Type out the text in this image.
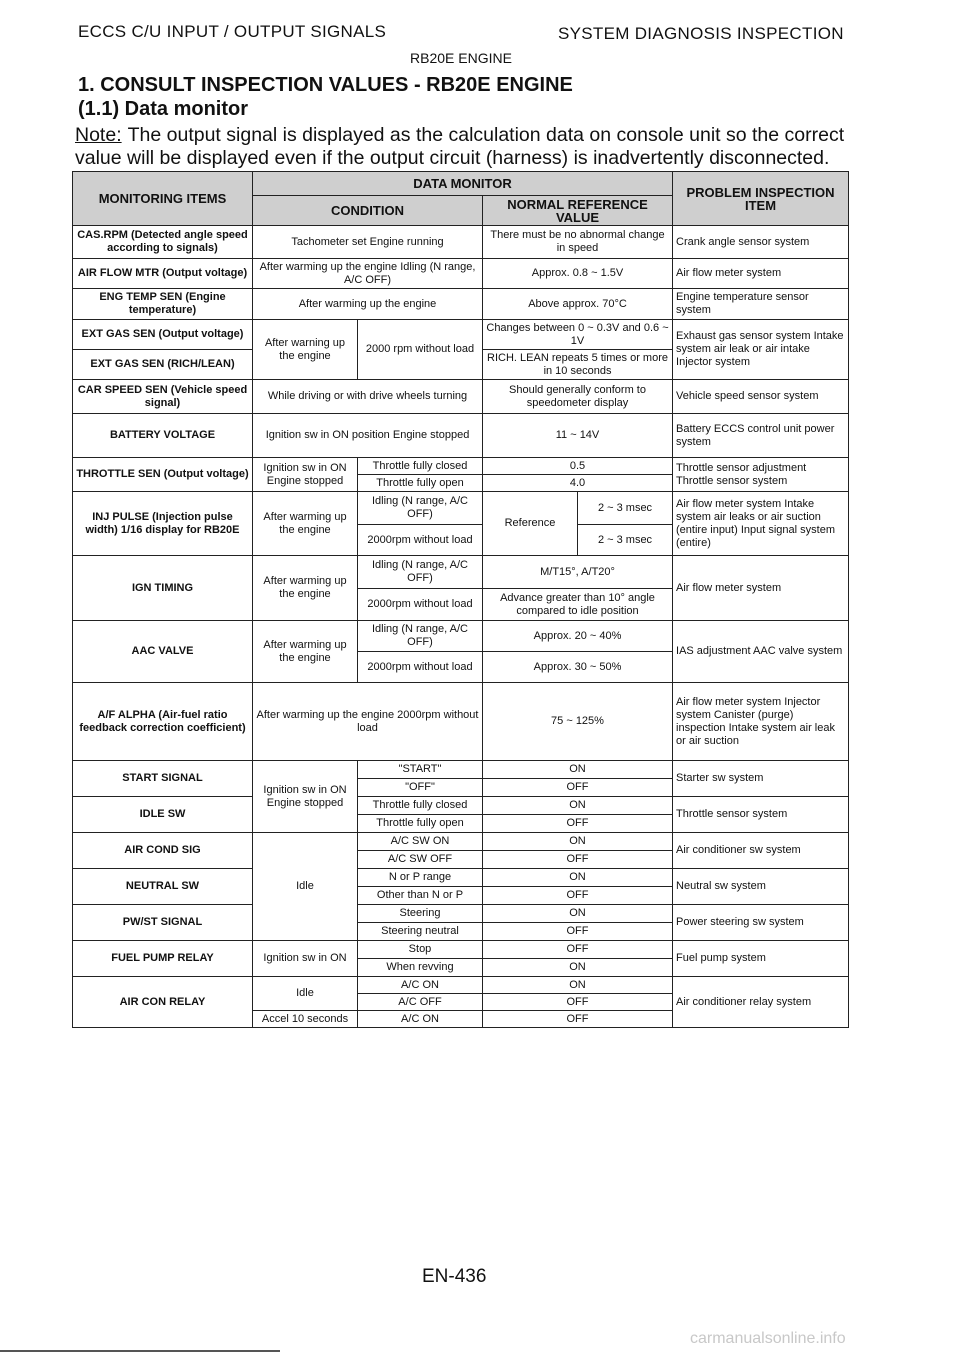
ECCS C/U INPUT / OUTPUT SIGNALS	SYSTEM DIAGNOSIS INSPECTION
RB20E ENGINE
1. CONSULT INSPECTION VALUES - RB20E ENGINE
(1.1) Data monitor
Note: The output signal is displayed as the calculation data on console unit so the correct value will be displayed even if the output circuit (harness) is inadvertently disconnected.
MONITORING ITEMS	DATA MONITOR				PROBLEM INSPECTION ITEM
	CONDITION		NORMAL REFERENCE VALUE		
CAS.RPM (Detected angle speed according to signals)	Tachometer set Engine running		There must be no abnormal change in speed		Crank angle sensor system
AIR FLOW MTR (Output voltage)	After warming up the engine Idling (N range, A/C OFF)		Approx. 0.8 ~ 1.5V		Air flow meter system
ENG TEMP SEN (Engine temperature)	After warming up the engine		Above approx. 70°C		Engine temperature sensor system
EXT GAS SEN (Output voltage)	After warning up the engine	2000 rpm without load	Changes between 0 ~ 0.3V and 0.6 ~ 1V		Exhaust gas sensor system Intake system air leak or air intake Injector system
EXT GAS SEN (RICH/LEAN)			RICH. LEAN repeats 5 times or more in 10 seconds		
CAR SPEED SEN (Vehicle speed signal)	While driving or with drive wheels turning		Should generally conform to speedometer display		Vehicle speed sensor system
BATTERY VOLTAGE	Ignition sw in ON position Engine stopped		11 ~ 14V		Battery ECCS control unit power system
THROTTLE SEN (Output voltage)	Ignition sw in ON Engine stopped	Throttle fully closed	0.5		Throttle sensor adjustment Throttle sensor system
		Throttle fully open	4.0		
INJ PULSE (Injection pulse width) 1/16 display for RB20E	After warming up the engine	Idling (N range, A/C OFF)	Reference	2 ~ 3 msec	Air flow meter system Intake system air leaks or air suction (entire input) Input signal system (entire)
		2000rpm without load		2 ~ 3 msec	
IGN TIMING	After warming up the engine	Idling (N range, A/C OFF)	M/T15°, A/T20°		Air flow meter system
		2000rpm without load	Advance greater than 10° angle compared to idle position		
AAC VALVE	After warming up the engine	Idling (N range, A/C OFF)	Approx. 20 ~ 40%		IAS adjustment AAC valve system
		2000rpm without load	Approx. 30 ~ 50%		
A/F ALPHA (Air-fuel ratio feedback correction coefficient)	After warming up the engine 2000rpm without load		75 ~ 125%		Air flow meter system Injector system Canister (purge) inspection Intake system air leak or air suction
START SIGNAL	Ignition sw in ON Engine stopped	"START"	ON		Starter sw system
		"OFF"	OFF		
IDLE SW		Throttle fully closed	ON		Throttle sensor system
		Throttle fully open	OFF		
AIR COND SIG	Idle	A/C SW ON	ON		Air conditioner sw system
		A/C SW OFF	OFF		
NEUTRAL SW		N or P range	ON		Neutral sw system
		Other than N or P	OFF		
PW/ST SIGNAL		Steering	ON		Power steering sw system
		Steering neutral	OFF		
FUEL PUMP RELAY	Ignition sw in ON	Stop	OFF		Fuel pump system
		When revving	ON		
AIR CON RELAY	Idle	A/C ON	ON		Air conditioner relay system
		A/C OFF	OFF		
	Accel 10 seconds	A/C ON	OFF		
EN-436
carmanualsonline.info
